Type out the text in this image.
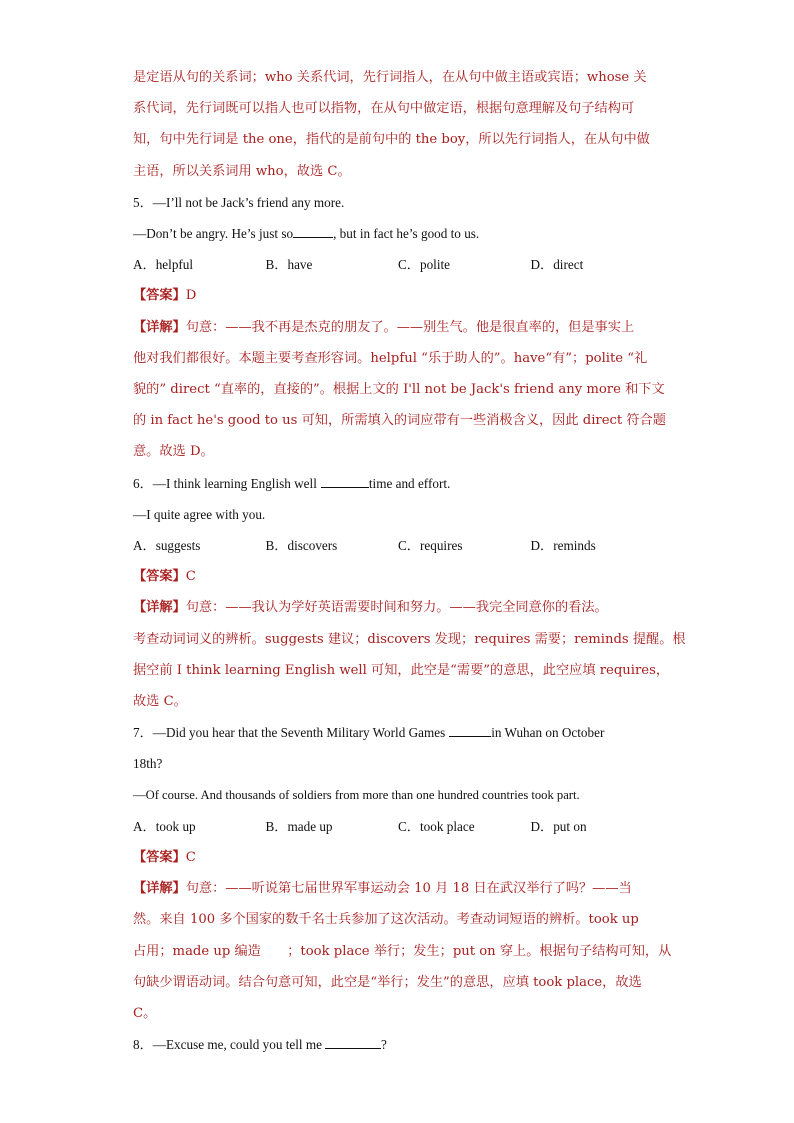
是定语从句的关系词；who 关系代词，先行词指人，在从句中做主语或宾语；whose 关

系代词，先行词既可以指人也可以指物，在从句中做定语，根据句意理解及句子结构可

知，句中先行词是 the one，指代的是前句中的 the boy，所以先行词指人，在从句中做

主语，所以关系词用 who，故选 C。

5．—I’ll not be Jack’s friend any more.

—Don’t be angry. He’s just so	, but in fact he’s good to us.

A．helpful	B．have	C．polite	D．direct

【答案】D

【详解】句意：——我不再是杰克的朋友了。——别生气。他是很直率的，但是事实上

他对我们都很好。本题主要考查形容词。helpful “乐于助人的”。have“有”；polite “礼

貌的” direct “直率的，直接的”。根据上文的 I'll not be Jack's friend any more 和下文

的 in fact he's good to us 可知，所需填入的词应带有一些消极含义，因此 direct 符合题

意。故选 D。

6．—I think learning English well	time and effort.

—I quite agree with you.

A．suggests	B．discovers	C．requires	D．reminds

【答案】C

【详解】句意：——我认为学好英语需要时间和努力。——我完全同意你的看法。

考查动词词义的辨析。suggests 建议；discovers 发现；requires 需要；reminds 提醒。根

据空前 I think learning English well 可知，此空是“需要”的意思，此空应填 requires，

故选 C。

7．—Did you hear that the Seventh Military World Games	in Wuhan on October

18th?

—Of course. And thousands of soldiers from more than one hundred countries took part.

A．took up	B．made up	C．took place	D．put on

【答案】C

【详解】句意：——听说第七届世界军事运动会 10 月 18 日在武汉举行了吗？——当

然。来自 100 多个国家的数千名士兵参加了这次活动。考查动词短语的辨析。took up

占用；made up 编造　　；took place 举行；发生；put on 穿上。根据句子结构可知，从

句缺少谓语动词。结合句意可知，此空是“举行；发生”的意思，应填 took place，故选

C。

8．—Excuse me, could you tell me	?
